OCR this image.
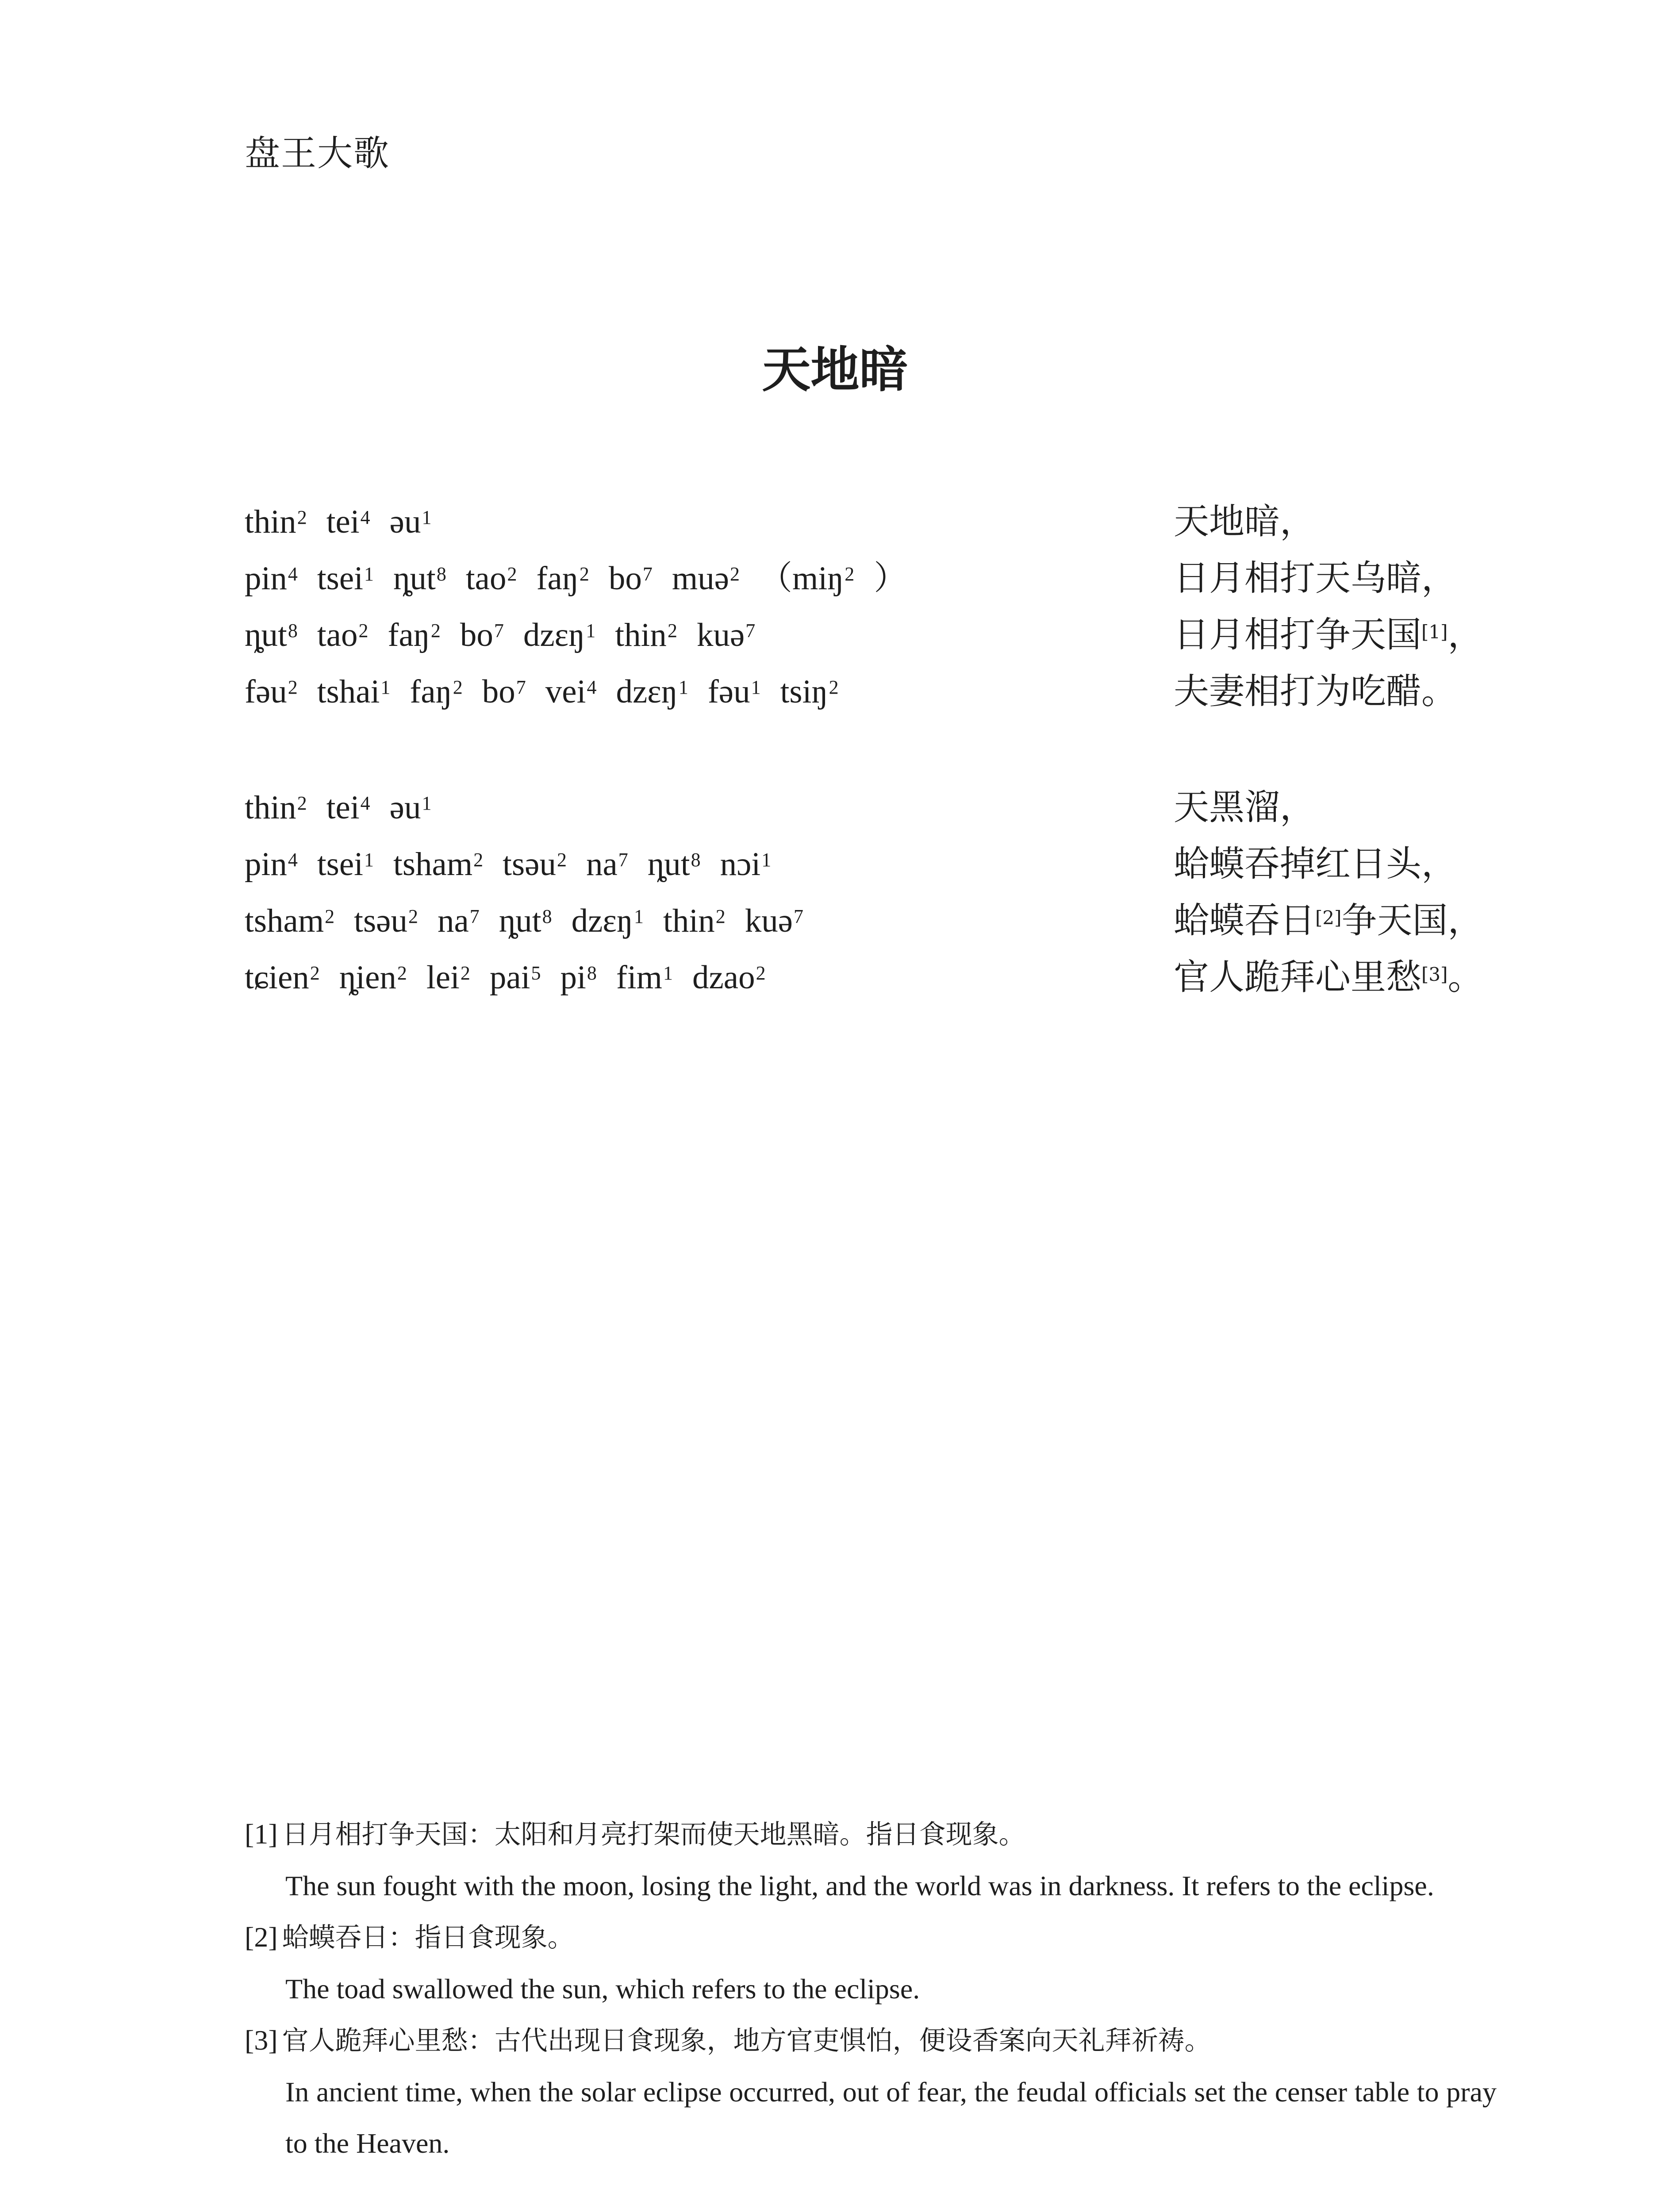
盘王大歌
天地暗
thin$^2$ tei$^4$ əu$^1$	天地暗，
pin$^4$ tsei$^1$ ȵut$^8$ tao$^2$ faŋ$^2$ $bo^7$ muə$^2$ （miŋ$^2$ ）	日月相打天乌暗，
ȵut$^8$ tao$^2$ faŋ$^2$ $bo^7$ dzɛŋ$^1$ thin$^2$ kuə$^7$	日月相打争天国[1]，
fəu$^2$ tshai$^1$ faŋ$^2$ $bo^7$ vei$^4$ dzɛŋ$^1$ fəu$^1$ tsiŋ$^2$	夫妻相打为吃醋。
thin$^2$ tei$^4$ əu$^1$	天黑溜，
pin$^4$ tsei$^1$ tsham$^2$ tsəu$^2$ $na^7$ ȵut$^8$ nɔi$^1$	蛤蟆吞掉红日头，
tsham$^2$ tsəu$^2$ $na^7$ ȵut$^8$ dzɛŋ$^1$ thin$^2$ kuə$^7$	蛤蟆吞日[2]争天国，
tɕien$^2$ ȵien$^2$ lei$^2$ pai$^5$ $pi^8$ fim$^1$ dzao$^2$	官人跪拜心里愁[3]。
[1] 日月相打争天国：太阳和月亮打架而使天地黑暗。指日食现象。
The sun fought with the moon, losing the light, and the world was in darkness. It refers to the eclipse.
[2] 蛤蟆吞日：指日食现象。
The toad swallowed the sun, which refers to the eclipse.
[3] 官人跪拜心里愁：古代出现日食现象，地方官吏惧怕，便设香案向天礼拜祈祷。
In ancient time, when the solar eclipse occurred, out of fear, the feudal officials set the censer table to pray to the Heaven.
